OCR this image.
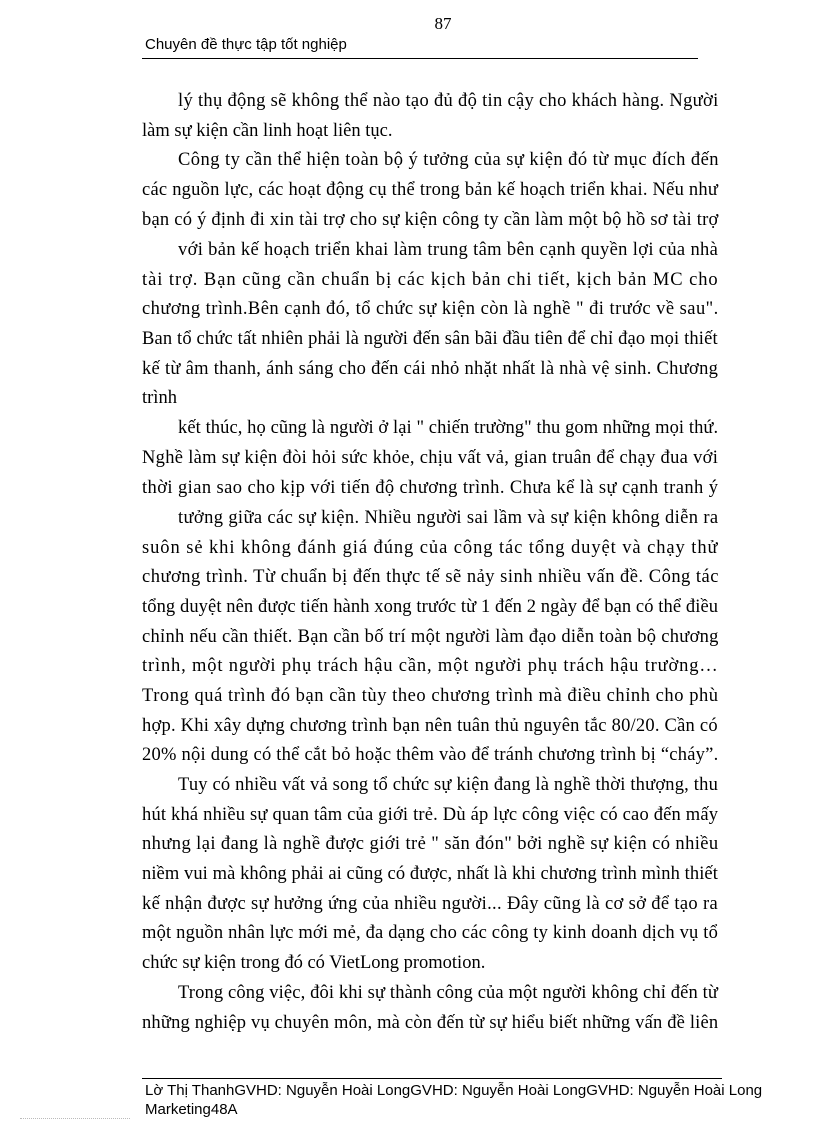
87
Chuyên đề thực tập tốt nghiệp
lý thụ động sẽ không thể nào tạo đủ độ tin cậy cho khách hàng. Người
làm sự kiện cần linh hoạt liên tục.
Công ty cần thể hiện toàn bộ ý tưởng của sự kiện đó từ mục đích đến
các nguồn lực, các hoạt động cụ thể trong bản kế hoạch triển khai. Nếu như
bạn có ý định đi xin tài trợ cho sự kiện công ty cần làm một bộ hồ sơ tài trợ
với bản kế hoạch triển khai làm trung tâm bên cạnh quyền lợi của nhà
tài trợ. Bạn cũng cần chuẩn bị các kịch bản chi tiết, kịch bản MC cho
chương trình.Bên cạnh đó, tổ chức sự kiện còn là nghề " đi trước về sau".
Ban tổ chức tất nhiên phải là người đến sân bãi đầu tiên để chỉ đạo mọi thiết
kế từ âm thanh, ánh sáng cho đến cái nhỏ nhặt nhất là nhà vệ sinh. Chương
trình
kết thúc, họ cũng là người ở lại " chiến trường" thu gom những mọi thứ.
Nghề làm sự kiện đòi hỏi sức khỏe, chịu vất vả, gian truân để chạy đua với
thời gian sao cho kịp với tiến độ chương trình. Chưa kể là sự cạnh tranh ý
tưởng giữa các sự kiện. Nhiều người sai lầm và sự kiện không diễn ra
suôn sẻ khi không đánh giá đúng của công tác tổng duyệt và chạy thử
chương trình. Từ chuẩn bị đến thực tế sẽ nảy sinh nhiều vấn đề. Công tác
tổng duyệt nên được tiến hành xong trước từ 1 đến 2 ngày để bạn có thể điều
chỉnh nếu cần thiết. Bạn cần bố trí một người làm đạo diễn toàn bộ chương
trình, một người phụ trách hậu cần, một người phụ trách hậu trường…
Trong quá trình đó bạn cần tùy theo chương trình mà điều chỉnh cho phù
hợp. Khi xây dựng chương trình bạn nên tuân thủ nguyên tắc 80/20. Cần có
20% nội dung có thể cắt bỏ hoặc thêm vào để tránh chương trình bị “cháy”.
Tuy có nhiều vất vả song tổ chức sự kiện đang là nghề thời thượng, thu
hút khá nhiều sự quan tâm của giới trẻ. Dù áp lực công việc có cao đến mấy
nhưng lại đang là nghề được giới trẻ " săn đón" bởi nghề sự kiện có nhiều
niềm vui mà không phải ai cũng có được, nhất là khi chương trình mình thiết
kế nhận được sự hưởng ứng của nhiều người... Đây cũng là cơ sở để tạo ra
một nguồn nhân lực mới mẻ, đa dạng cho các công ty kinh doanh dịch vụ tổ
chức sự kiện trong đó có VietLong promotion.
Trong công việc, đôi khi sự thành công của một người không chỉ đến từ
những nghiệp vụ chuyên môn, mà còn đến từ sự hiểu biết những vấn đề liên
Lờ Thị ThanhGVHD: Nguyễn Hoài LongGVHD: Nguyễn Hoài LongGVHD: Nguyễn Hoài Long
Marketing48A
